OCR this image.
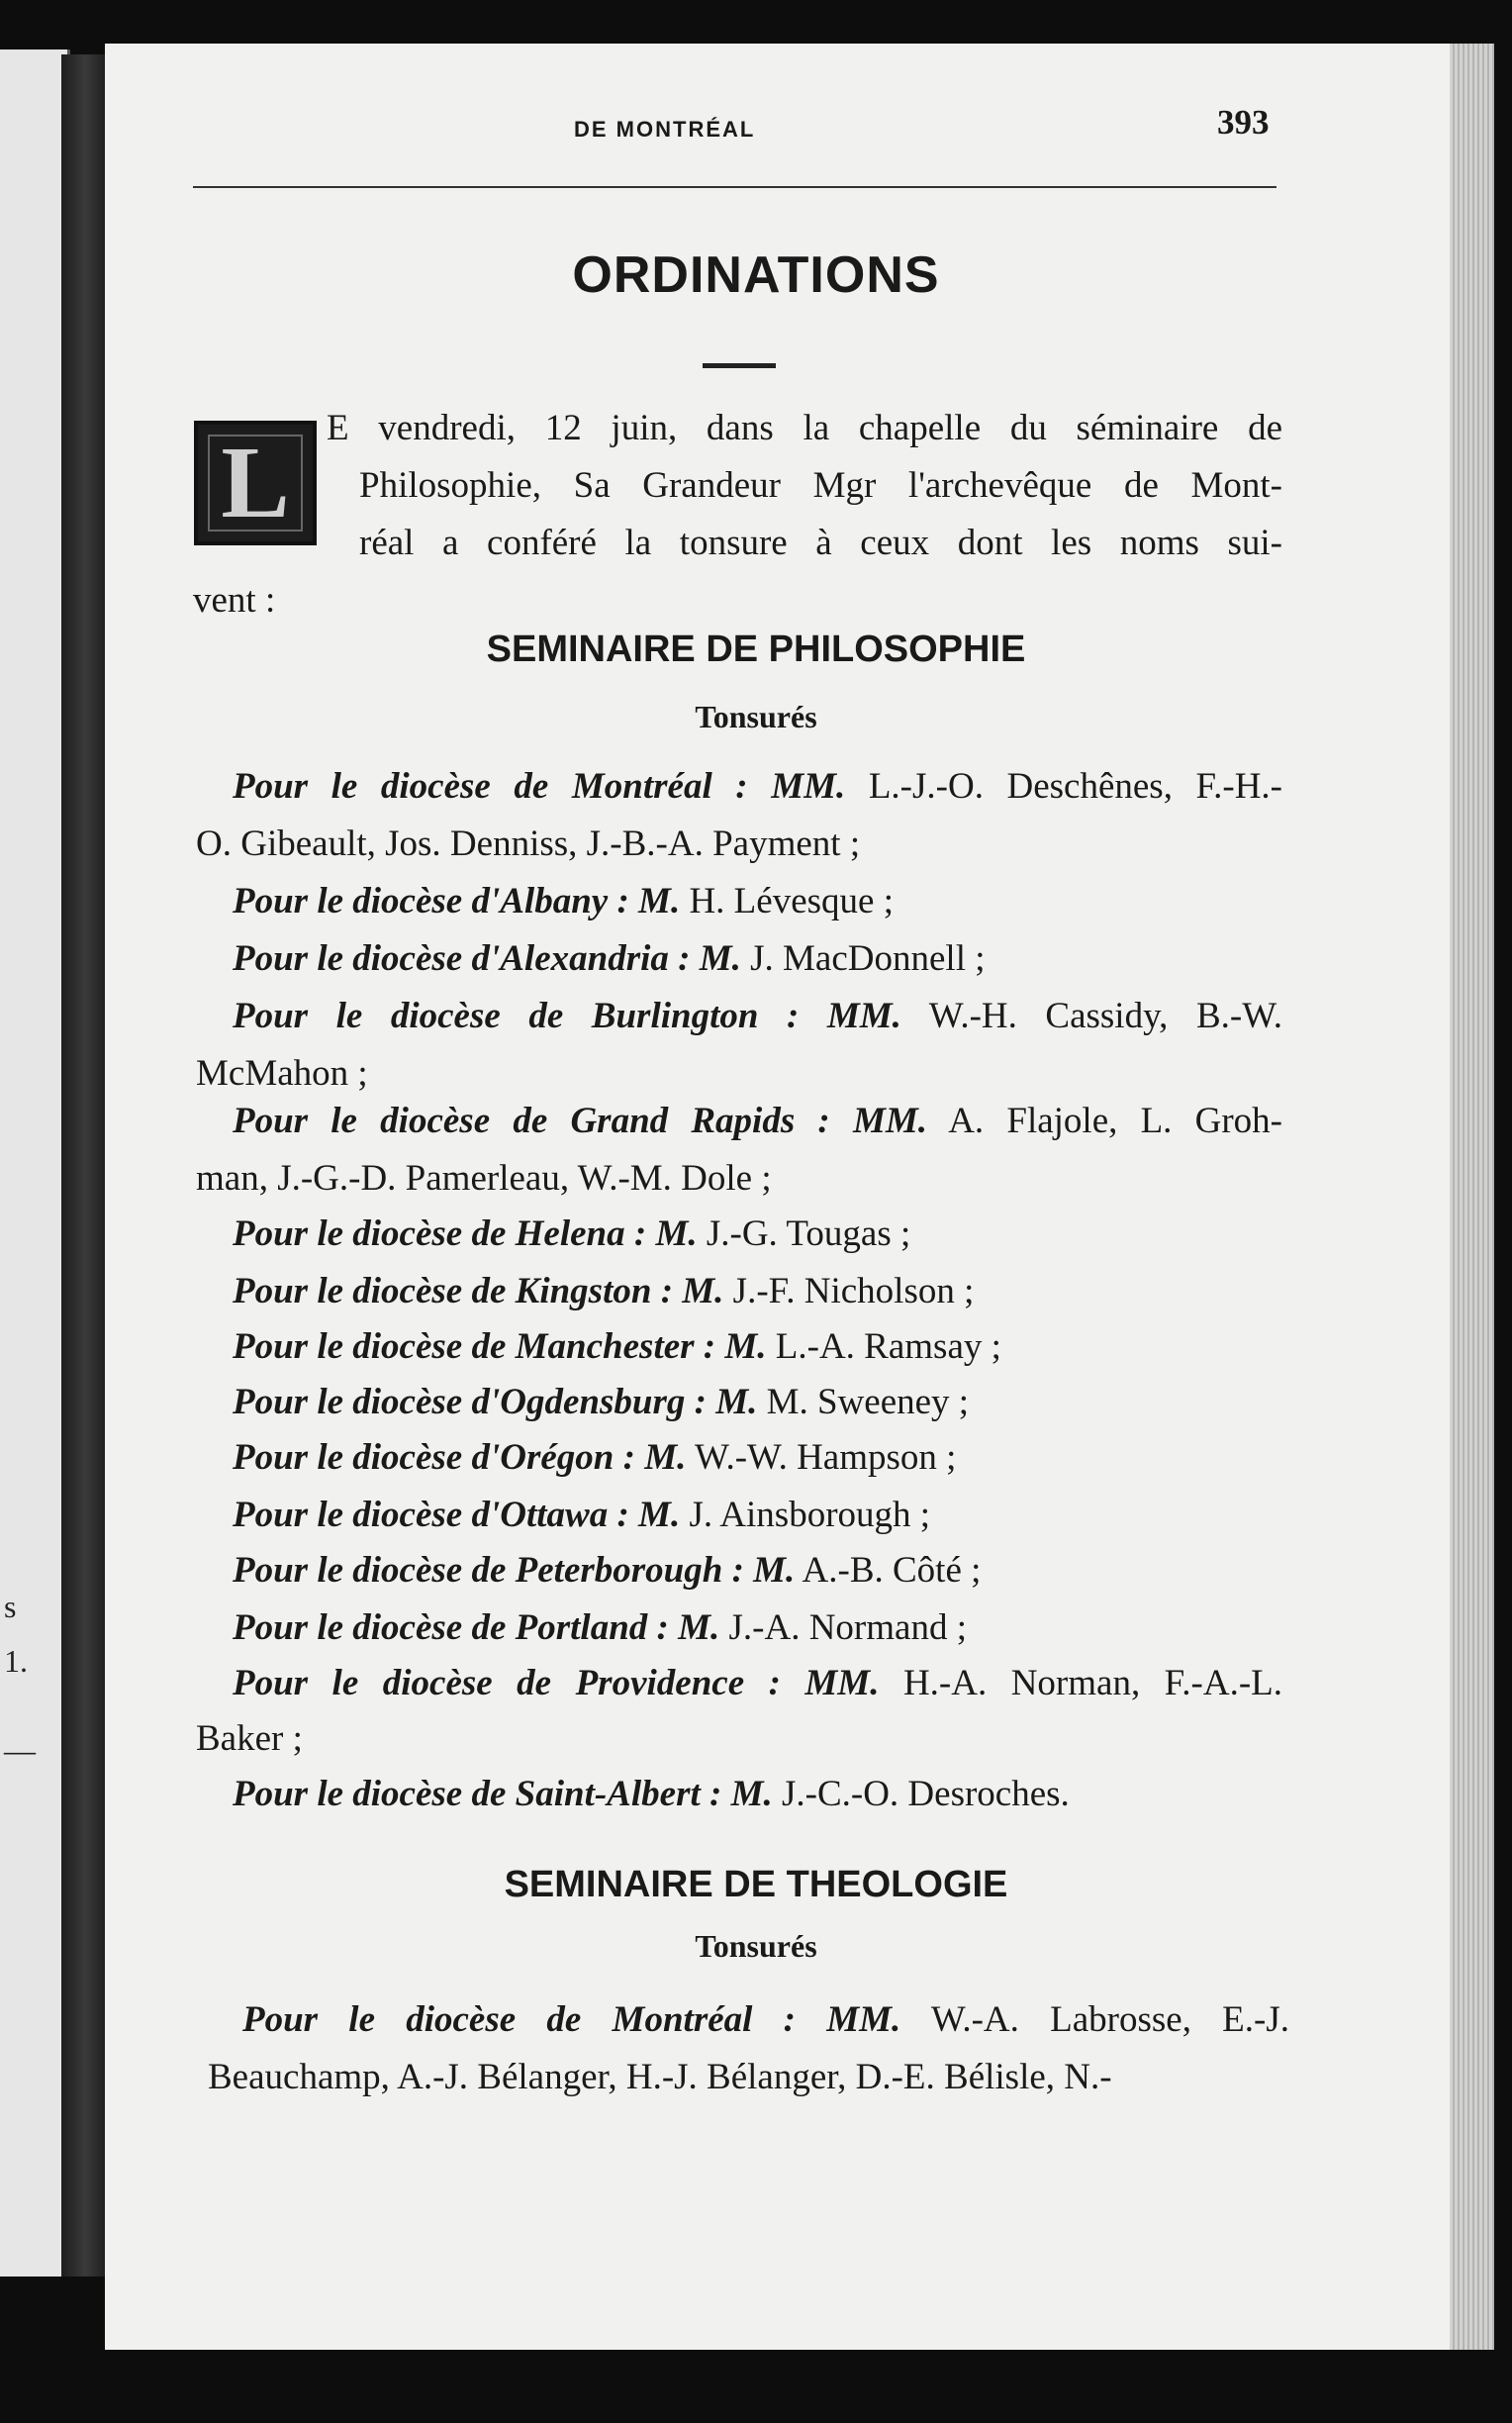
s
1.
—
DE MONTRÉAL	393
ORDINATIONS
L	E vendredi, 12 juin, dans la chapelle du séminaire de
Philosophie, Sa Grandeur Mgr l'archevêque de Mont-
réal a conféré la tonsure à ceux dont les noms sui-
vent :
SEMINAIRE DE PHILOSOPHIE
Tonsurés
Pour le diocèse de Montréal : MM. L.-J.-O. Deschênes, F.-H.-
O. Gibeault, Jos. Denniss, J.-B.-A. Payment ;
Pour le diocèse d'Albany : M. H. Lévesque ;
Pour le diocèse d'Alexandria : M. J. MacDonnell ;
Pour le diocèse de Burlington : MM. W.-H. Cassidy, B.-W.
McMahon ;
Pour le diocèse de Grand Rapids : MM. A. Flajole, L. Groh-
man, J.-G.-D. Pamerleau, W.-M. Dole ;
Pour le diocèse de Helena : M. J.-G. Tougas ;
Pour le diocèse de Kingston : M. J.-F. Nicholson ;
Pour le diocèse de Manchester : M. L.-A. Ramsay ;
Pour le diocèse d'Ogdensburg : M. M. Sweeney ;
Pour le diocèse d'Orégon : M. W.-W. Hampson ;
Pour le diocèse d'Ottawa : M. J. Ainsborough ;
Pour le diocèse de Peterborough : M. A.-B. Côté ;
Pour le diocèse de Portland : M. J.-A. Normand ;
Pour le diocèse de Providence : MM. H.-A. Norman, F.-A.-L.
Baker ;
Pour le diocèse de Saint-Albert : M. J.-C.-O. Desroches.
SEMINAIRE DE THEOLOGIE
Tonsurés
Pour le diocèse de Montréal : MM. W.-A. Labrosse, E.-J.
Beauchamp, A.-J. Bélanger, H.-J. Bélanger, D.-E. Bélisle, N.-
